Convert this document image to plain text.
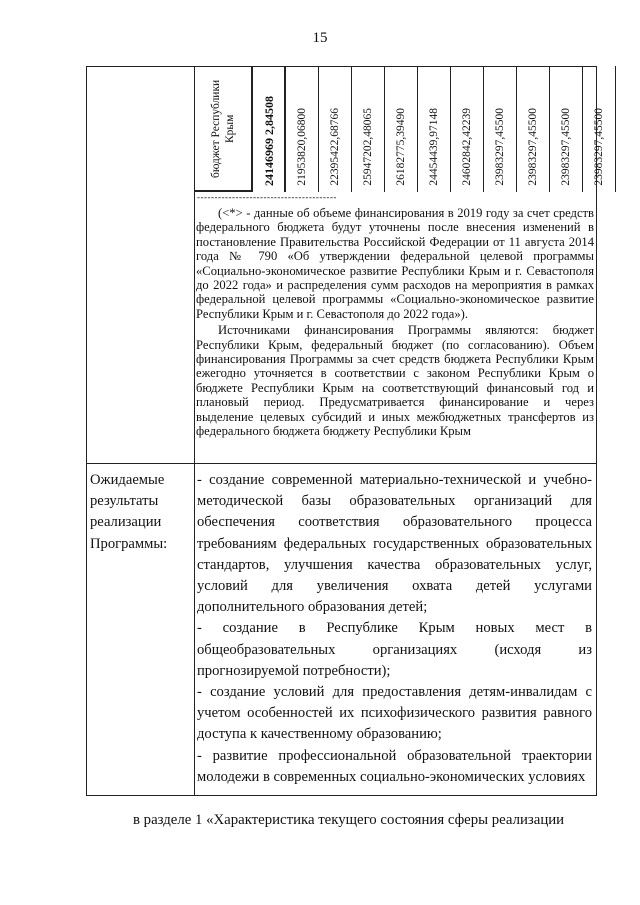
15
бюджет Республики Крым 24146969 2,84508 21953820,06800 22395422,68766 25947202,48065 26182775,39490 24454439,97148 24602842,42239 23983297,45500 23983297,45500 23983297,45500 23983297,45500
----------------------------------------

(<*> - данные об объеме финансирования в 2019 году за счет средств федерального бюджета будут уточнены после внесения изменений в постановление Правительства Российской Федерации от 11 августа 2014 года № 790 «Об утверждении федеральной целевой программы «Социально-экономическое развитие Республики Крым и г. Севастополя до 2022 года» и распределения сумм расходов на мероприятия в рамках федеральной целевой программы «Социально-экономическое развитие Республики Крым и г. Севастополя до 2022 года»).

Источниками финансирования Программы являются: бюджет Республики Крым, федеральный бюджет (по согласованию). Объем финансирования Программы за счет средств бюджета Республики Крым ежегодно уточняется в соответствии с законом Республики Крым о бюджете Республики Крым на соответствующий финансовый год и плановый период. Предусматривается финансирование и через выделение целевых субсидий и иных межбюджетных трансфертов из федерального бюджета бюджету Республики Крым

Ожидаемые результаты реализации Программы:

- создание современной материально-технической и учебно-методической базы образовательных организаций для обеспечения соответствия образовательного процесса требованиям федеральных государственных образовательных стандартов, улучшения качества образовательных услуг, условий для увеличения охвата детей услугами дополнительного образования детей;

- создание в Республике Крым новых мест в общеобразовательных организациях (исходя из прогнозируемой потребности);

- создание условий для предоставления детям-инвалидам с учетом особенностей их психофизического развития равного доступа к качественному образованию;

- развитие профессиональной образовательной траектории молодежи в современных социально-экономических условиях

в разделе 1 «Характеристика текущего состояния сферы реализации
